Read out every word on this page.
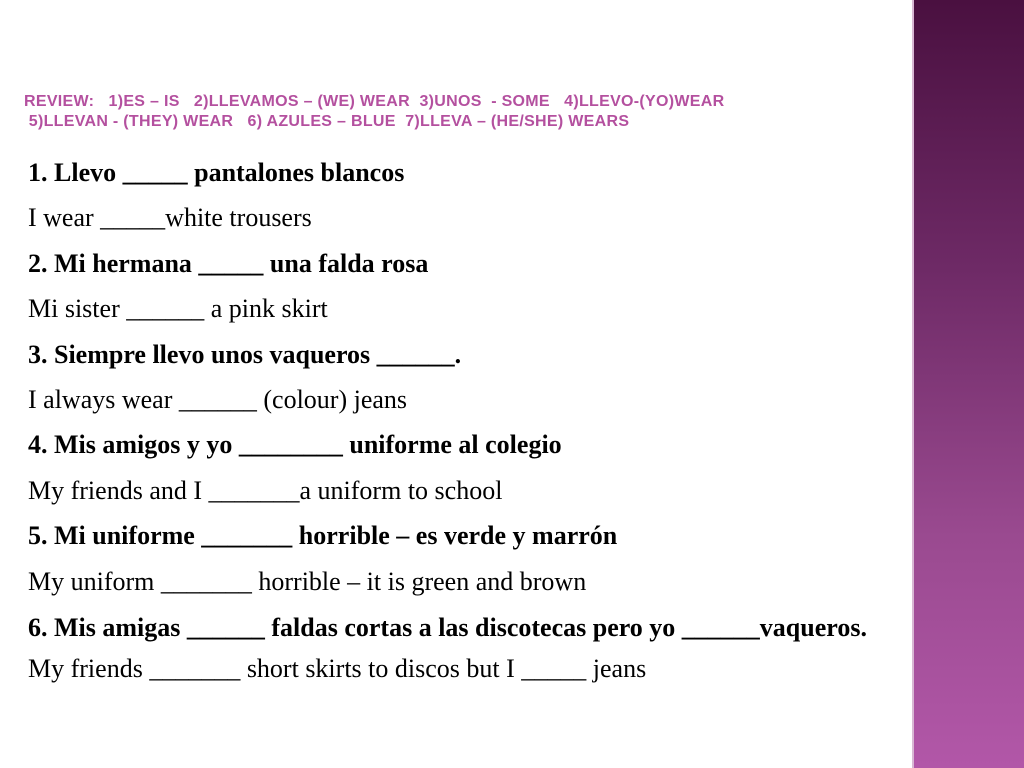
REVIEW:   1)ES – IS   2)LLEVAMOS – (WE) WEAR  3)UNOS  - SOME   4)LLEVO-(YO)WEAR
5)LLEVAN - (THEY) WEAR   6) AZULES – BLUE  7)LLEVA – (HE/SHE) WEARS
1. Llevo _____ pantalones blancos
I wear _____white trousers
2. Mi hermana _____ una falda rosa
Mi sister ______ a pink skirt
3. Siempre llevo unos vaqueros ______.
I always wear ______ (colour) jeans
4. Mis amigos y yo ________ uniforme al colegio
My friends and I _______a uniform to school
5. Mi uniforme _______ horrible – es verde y marrón
My uniform _______ horrible – it is green and brown
6. Mis amigas ______ faldas cortas a las discotecas pero yo ______vaqueros.
My friends _______ short skirts to discos but I _____ jeans
